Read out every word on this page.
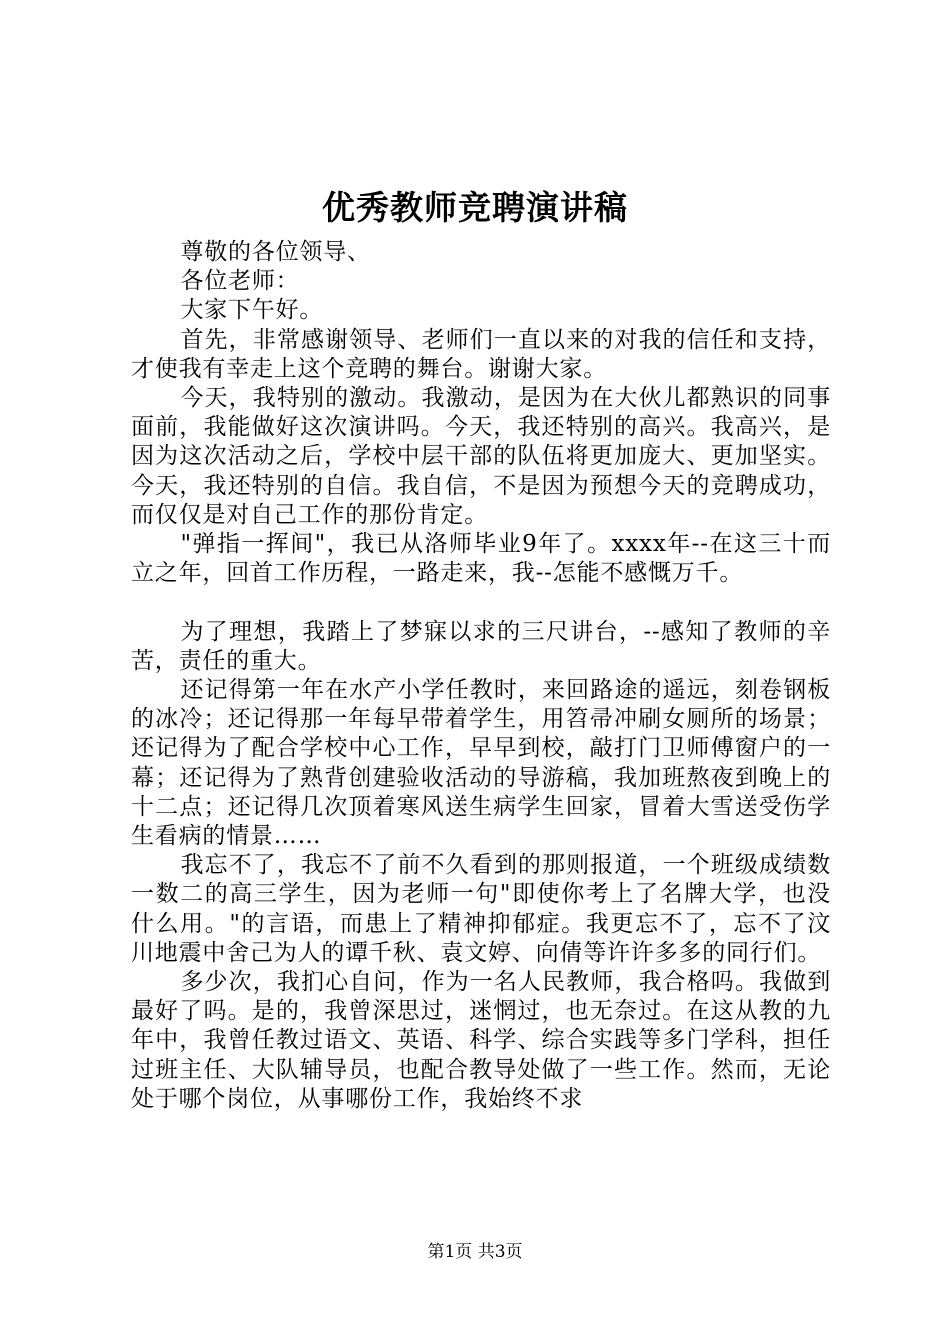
优秀教师竞聘演讲稿

尊敬的各位领导、

各位老师：

大家下午好。

首先，非常感谢领导、老师们一直以来的对我的信任和支持，才使我有幸走上这个竞聘的舞台。谢谢大家。

今天，我特别的激动。我激动，是因为在大伙儿都熟识的同事面前，我能做好这次演讲吗。今天，我还特别的高兴。我高兴，是因为这次活动之后，学校中层干部的队伍将更加庞大、更加坚实。今天，我还特别的自信。我自信，不是因为预想今天的竞聘成功，而仅仅是对自己工作的那份肯定。

"弹指一挥间"，我已从洛师毕业9年了。xxxx年--在这三十而立之年，回首工作历程，一路走来，我--怎能不感慨万千。

为了理想，我踏上了梦寐以求的三尺讲台，--感知了教师的辛苦，责任的重大。

还记得第一年在水产小学任教时，来回路途的遥远，刻卷钢板的冰冷；还记得那一年每早带着学生，用笤帚冲刷女厕所的场景；还记得为了配合学校中心工作，早早到校，敲打门卫师傅窗户的一幕；还记得为了熟背创建验收活动的导游稿，我加班熬夜到晚上的十二点；还记得几次顶着寒风送生病学生回家，冒着大雪送受伤学生看病的情景……

我忘不了，我忘不了前不久看到的那则报道，一个班级成绩数一数二的高三学生，因为老师一句"即使你考上了名牌大学，也没什么用。"的言语，而患上了精神抑郁症。我更忘不了，忘不了汶川地震中舍己为人的谭千秋、袁文婷、向倩等许许多多的同行们。

多少次，我扪心自问，作为一名人民教师，我合格吗。我做到最好了吗。是的，我曾深思过，迷惘过，也无奈过。在这从教的九年中，我曾任教过语文、英语、科学、综合实践等多门学科，担任过班主任、大队辅导员，也配合教导处做了一些工作。然而，无论处于哪个岗位，从事哪份工作，我始终不求

第1页 共3页
